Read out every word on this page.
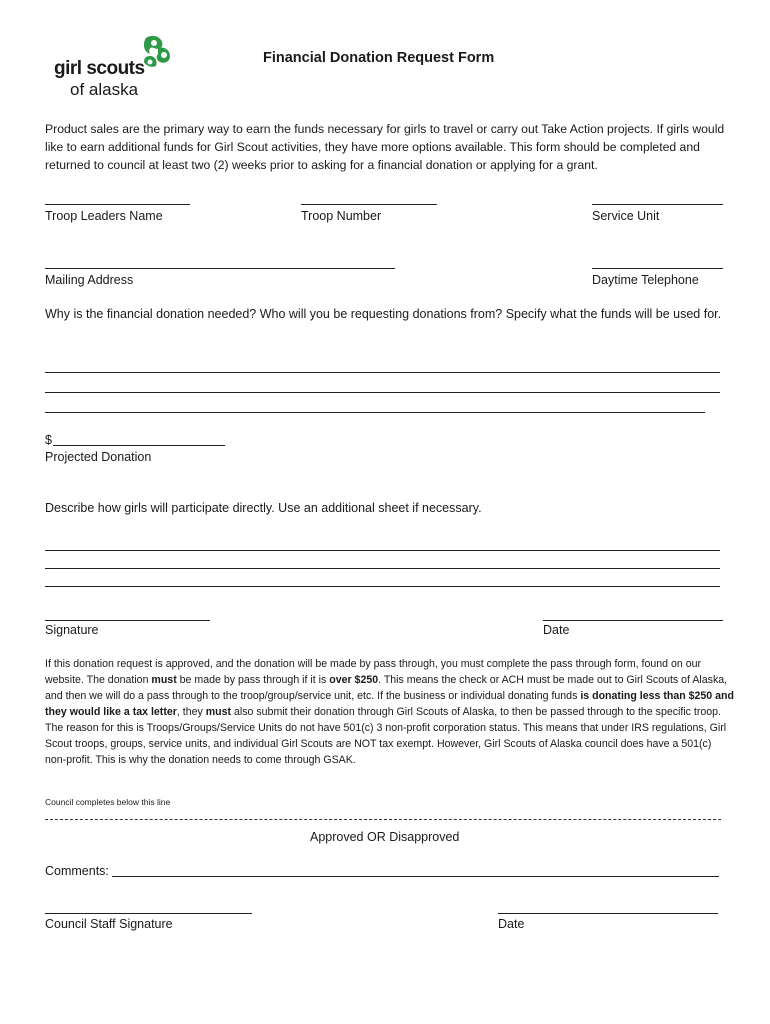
girl scouts
of alaska
Financial Donation Request Form
Product sales are the primary way to earn the funds necessary for girls to travel or carry out Take Action projects. If girls would like to earn additional funds for Girl Scout activities, they have more options available. This form should be completed and returned to council at least two (2) weeks prior to asking for a financial donation or applying for a grant.
Troop Leaders Name	Troop Number	Service Unit
Mailing Address	Daytime Telephone
Why is the financial donation needed? Who will you be requesting donations from? Specify what the funds will be used for.
$
Projected Donation
Describe how girls will participate directly. Use an additional sheet if necessary.
Signature	Date
If this donation request is approved, and the donation will be made by pass through, you must complete the pass through form, found on our website. The donation must be made by pass through if it is over $250. This means the check or ACH must be made out to Girl Scouts of Alaska, and then we will do a pass through to the troop/group/service unit, etc. If the business or individual donating funds is donating less than $250 and they would like a tax letter, they must also submit their donation through Girl Scouts of Alaska, to then be passed through to the specific troop. The reason for this is Troops/Groups/Service Units do not have 501(c) 3 non-profit corporation status. This means that under IRS regulations, Girl Scout troops, groups, service units, and individual Girl Scouts are NOT tax exempt. However, Girl Scouts of Alaska council does have a 501(c) non-profit. This is why the donation needs to come through GSAK.
Council completes below this line
Approved OR Disapproved
Comments:
Council Staff Signature	Date
